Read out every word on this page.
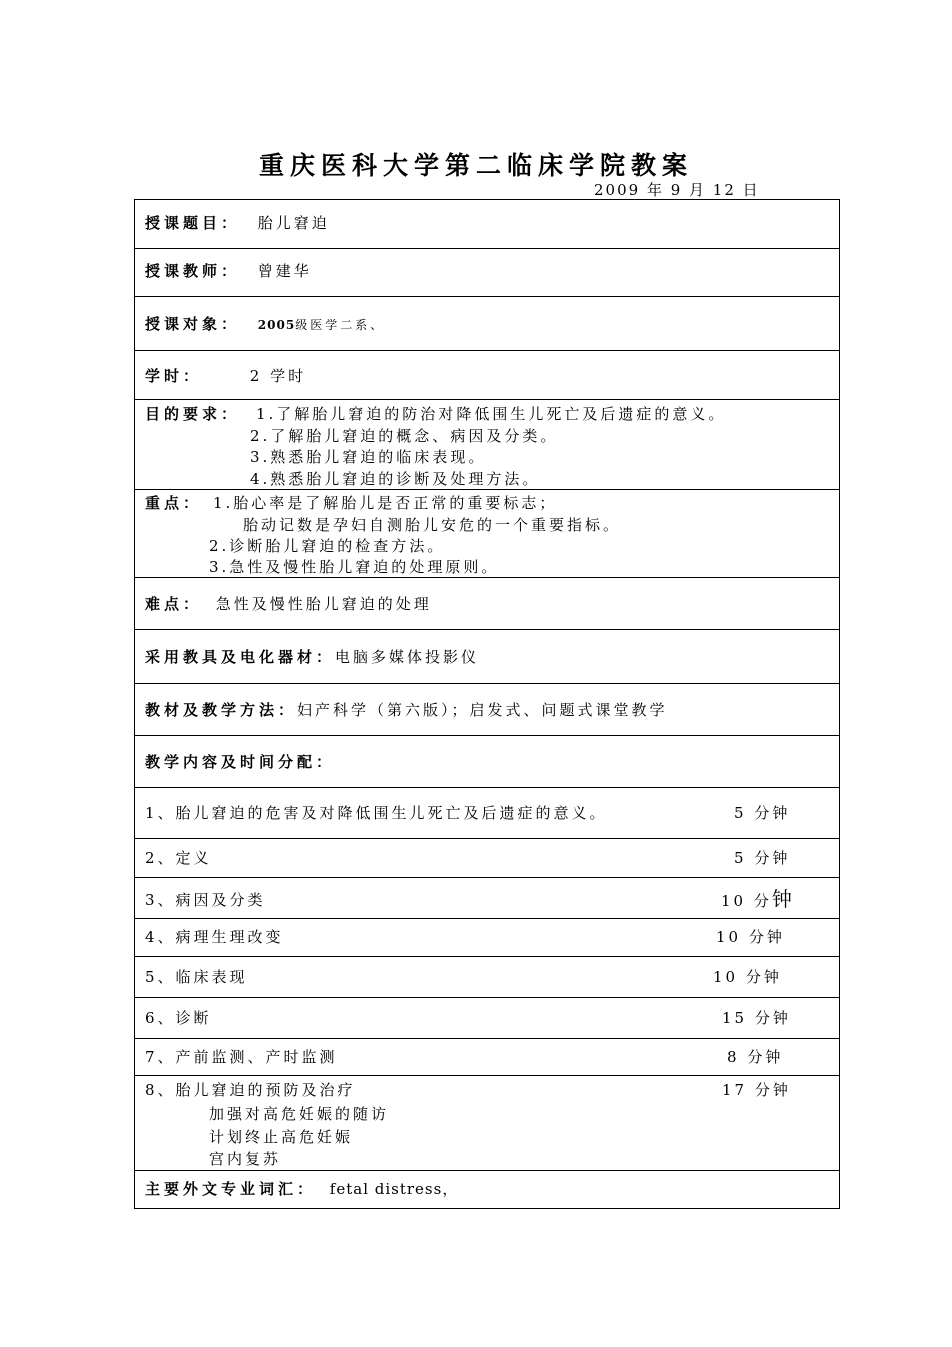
重庆医科大学第二临床学院教案
2009 年 9 月 12 日
授课题目： 胎儿窘迫
授课教师： 曾建华
授课对象： 2005级医学二系、
学时：	2 学时
目的要求： 1.了解胎儿窘迫的防治对降低围生儿死亡及后遗症的意义。
2.了解胎儿窘迫的概念、病因及分类。
3.熟悉胎儿窘迫的临床表现。
4.熟悉胎儿窘迫的诊断及处理方法。
重点： 1.胎心率是了解胎儿是否正常的重要标志；
胎动记数是孕妇自测胎儿安危的一个重要指标。
2.诊断胎儿窘迫的检查方法。
3.急性及慢性胎儿窘迫的处理原则。
难点： 急性及慢性胎儿窘迫的处理
采用教具及电化器材：电脑多媒体投影仪
教材及教学方法：妇产科学（第六版）；启发式、问题式课堂教学
教学内容及时间分配：
1、胎儿窘迫的危害及对降低围生儿死亡及后遗症的意义。	5 分钟
2、定义	5 分钟
3、病因及分类	10 分钟
4、病理生理改变	10 分钟
5、临床表现	10 分钟
6、诊断	15 分钟
7、产前监测、产时监测	8 分钟
8、胎儿窘迫的预防及治疗	17 分钟
加强对高危妊娠的随访
计划终止高危妊娠
宫内复苏
主要外文专业词汇： fetal distress，
